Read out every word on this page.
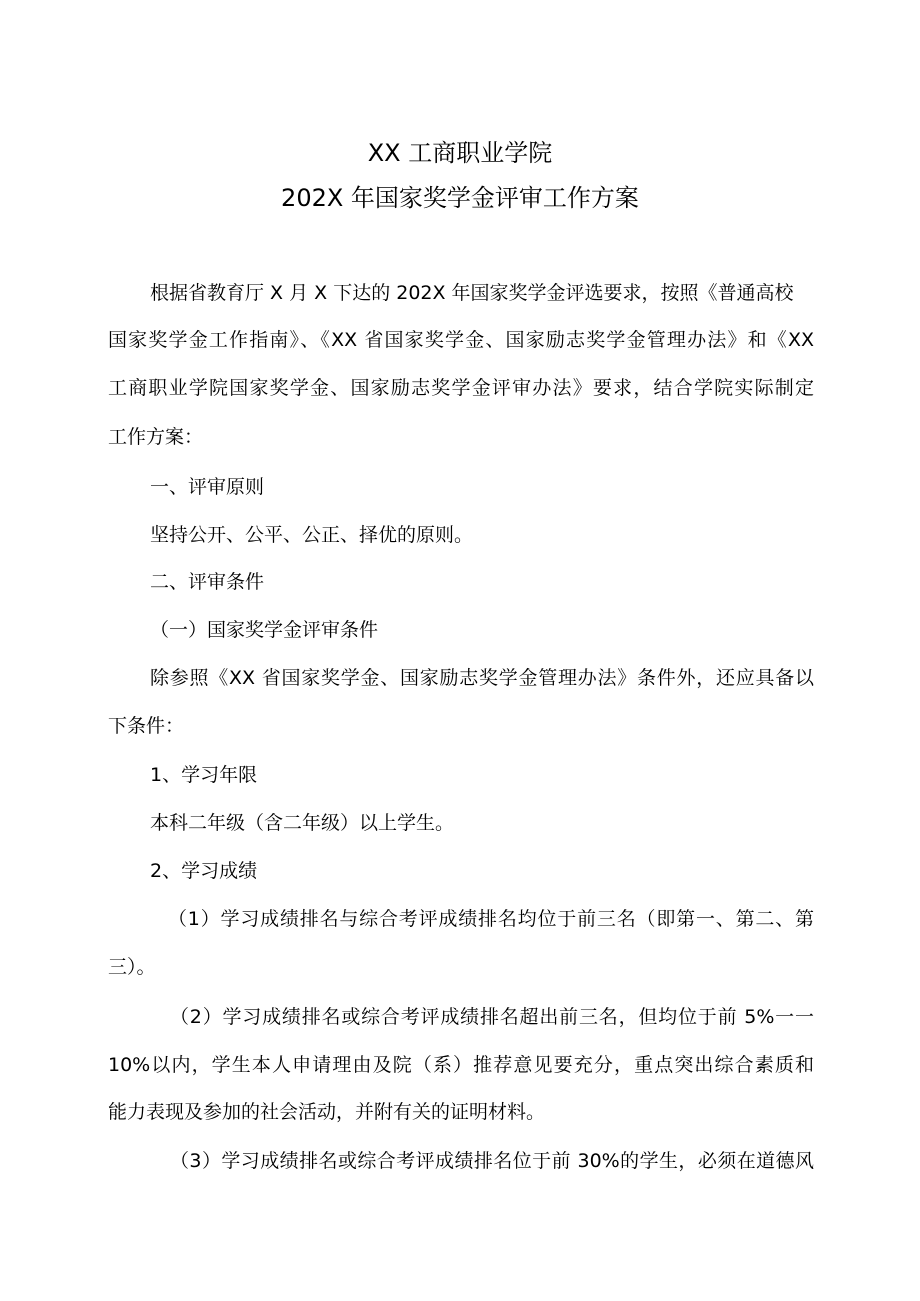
XX 工商职业学院
202X 年国家奖学金评审工作方案
根据省教育厅 X 月 X 下达的 202X 年国家奖学金评选要求，按照《普通高校
国家奖学金工作指南》、《XX 省国家奖学金、国家励志奖学金管理办法》和《XX
工商职业学院国家奖学金、国家励志奖学金评审办法》要求，结合学院实际制定
工作方案：
一、评审原则
坚持公开、公平、公正、择优的原则。
二、评审条件
（一）国家奖学金评审条件
除参照《XX 省国家奖学金、国家励志奖学金管理办法》条件外，还应具备以
下条件：
1、学习年限
本科二年级（含二年级）以上学生。
2、学习成绩
（1）学习成绩排名与综合考评成绩排名均位于前三名（即第一、第二、第
三）。
（2）学习成绩排名或综合考评成绩排名超出前三名，但均位于前 5%一一
10%以内，学生本人申请理由及院（系）推荐意见要充分，重点突出综合素质和
能力表现及参加的社会活动，并附有关的证明材料。
（3）学习成绩排名或综合考评成绩排名位于前 30%的学生，必须在道德风
